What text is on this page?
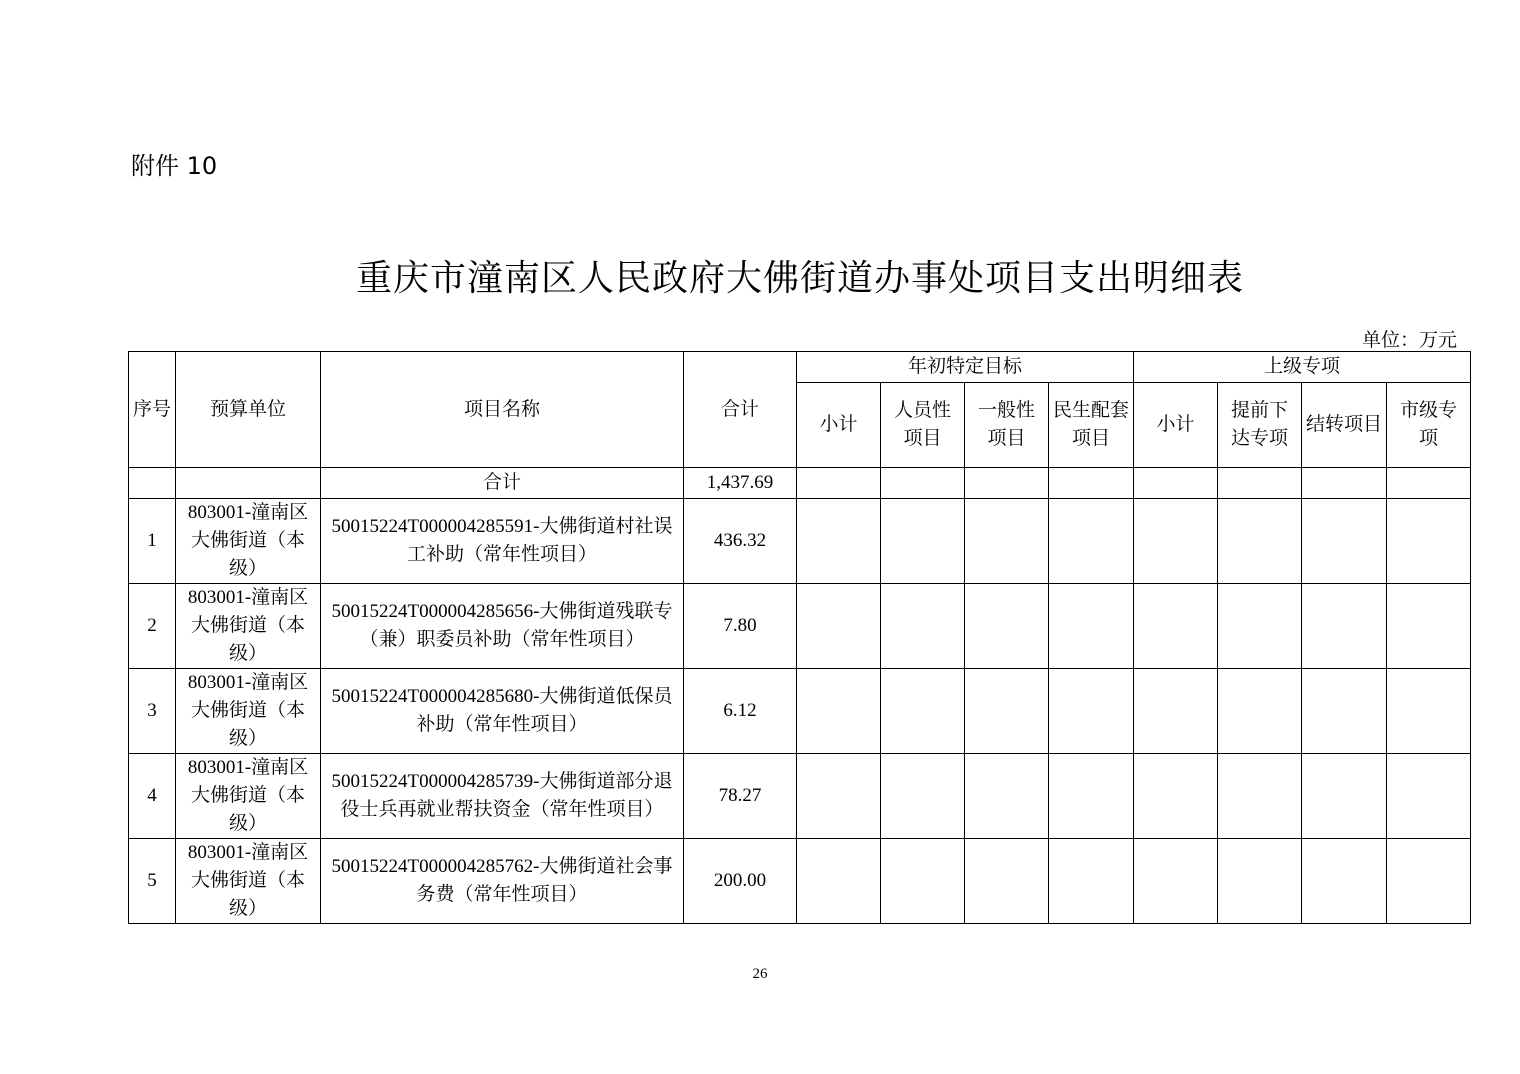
附件 10
重庆市潼南区人民政府大佛街道办事处项目支出明细表
单位：万元
序号	预算单位	项目名称	合计	年初特定目标				上级专项			
				小计	人员性项目	一般性项目	民生配套项目	小计	提前下达专项	结转项目	市级专项
		合计	1,437.69								
1	803001-潼南区大佛街道（本级）	50015224T000004285591-大佛街道村社误工补助（常年性项目）	436.32								
2	803001-潼南区大佛街道（本级）	50015224T000004285656-大佛街道残联专（兼）职委员补助（常年性项目）	7.80								
3	803001-潼南区大佛街道（本级）	50015224T000004285680-大佛街道低保员补助（常年性项目）	6.12								
4	803001-潼南区大佛街道（本级）	50015224T000004285739-大佛街道部分退役士兵再就业帮扶资金（常年性项目）	78.27								
5	803001-潼南区大佛街道（本级）	50015224T000004285762-大佛街道社会事务费（常年性项目）	200.00								
26
